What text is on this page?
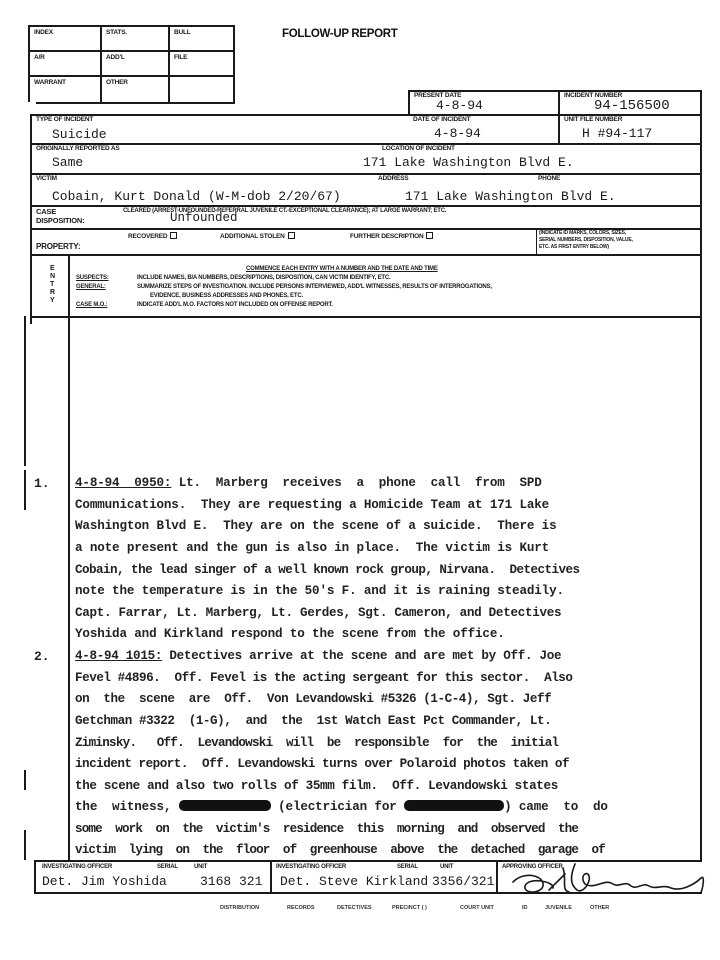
INDEX	STATS.	BULL
A/R	ADD'L	FILE
WARRANT	OTHER
FOLLOW-UP REPORT
PRESENT DATE
4-8-94
INCIDENT NUMBER
94-156500
TYPE OF INCIDENT
Suicide
DATE OF INCIDENT
4-8-94
UNIT FILE NUMBER
H #94-117
ORIGINALLY REPORTED AS
Same
LOCATION OF INCIDENT
171 Lake Washington Blvd E.
VICTIM
Cobain, Kurt Donald (W-M-dob 2/20/67)
ADDRESS
171 Lake Washington Blvd E.
PHONE
CASE
DISPOSITION:
CLEARED (ARREST-UNFOUNDED-REFERRAL JUVENILE CT.-EXCEPTIONAL CLEARANCE); AT LARGE WARRANT; ETC.
Unfounded
RECOVERED	ADDITIONAL STOLEN	FURTHER DESCRIPTION
PROPERTY:
(INDICATE ID MARKS, COLORS, SIZES,
SERIAL NUMBERS, DISPOSITION, VALUE,
ETC. AS FIRST ENTRY BELOW)
E
N
T
R
Y
COMMENCE EACH ENTRY WITH A NUMBER AND THE DATE AND TIME
SUSPECTS:	INCLUDE NAMES, B/A NUMBERS, DESCRIPTIONS, DISPOSITION, CAN VICTIM IDENTIFY, ETC.
GENERAL:	SUMMARIZE STEPS OF INVESTIGATION. INCLUDE PERSONS INTERVIEWED, ADD'L WITNESSES, RESULTS OF INTERROGATIONS,
EVIDENCE, BUSINESS ADDRESSES AND PHONES, ETC.
CASE M.O.:	INDICATE ADD'L M.O. FACTORS NOT INCLUDED ON OFFENSE REPORT.
1. 4-8-94  0950: Lt.  Marberg  receives  a  phone  call  from  SPD
Communications.  They are requesting a Homicide Team at 171 Lake
Washington Blvd E.  They are on the scene of a suicide.  There is
a note present and the gun is also in place.  The victim is Kurt
Cobain, the lead singer of a well known rock group, Nirvana.  Detectives
note the temperature is in the 50's F. and it is raining steadily.
Capt. Farrar, Lt. Marberg, Lt. Gerdes, Sgt. Cameron, and Detectives
Yoshida and Kirkland respond to the scene from the office.
2. 4-8-94 1015: Detectives arrive at the scene and are met by Off. Joe
Fevel #4896.  Off. Fevel is the acting sergeant for this sector.  Also
on  the  scene  are  Off.  Von Levandowski #5326 (1-C-4), Sgt. Jeff
Getchman #3322  (1-G),  and  the  1st Watch East Pct Commander, Lt.
Ziminsky.   Off.  Levandowski  will  be  responsible  for  the  initial
incident report.  Off. Levandowski turns over Polaroid photos taken of
the scene and also two rolls of 35mm film.  Off. Levandowski states
the  witness,	(electrician for	) came  to  do
some  work  on  the  victim's  residence  this  morning  and  observed  the
victim  lying  on  the  floor  of  greenhouse  above  the  detached  garage  of
INVESTIGATING OFFICER	SERIAL	UNIT
Det. Jim Yoshida	3168 321
INVESTIGATING OFFICER	SERIAL	UNIT
Det. Steve Kirkland 3356/321
APPROVING OFFICER
DISTRIBUTION	RECORDS	DETECTIVES	PRECINCT ( )	COURT UNIT	ID	JUVENILE	OTHER
